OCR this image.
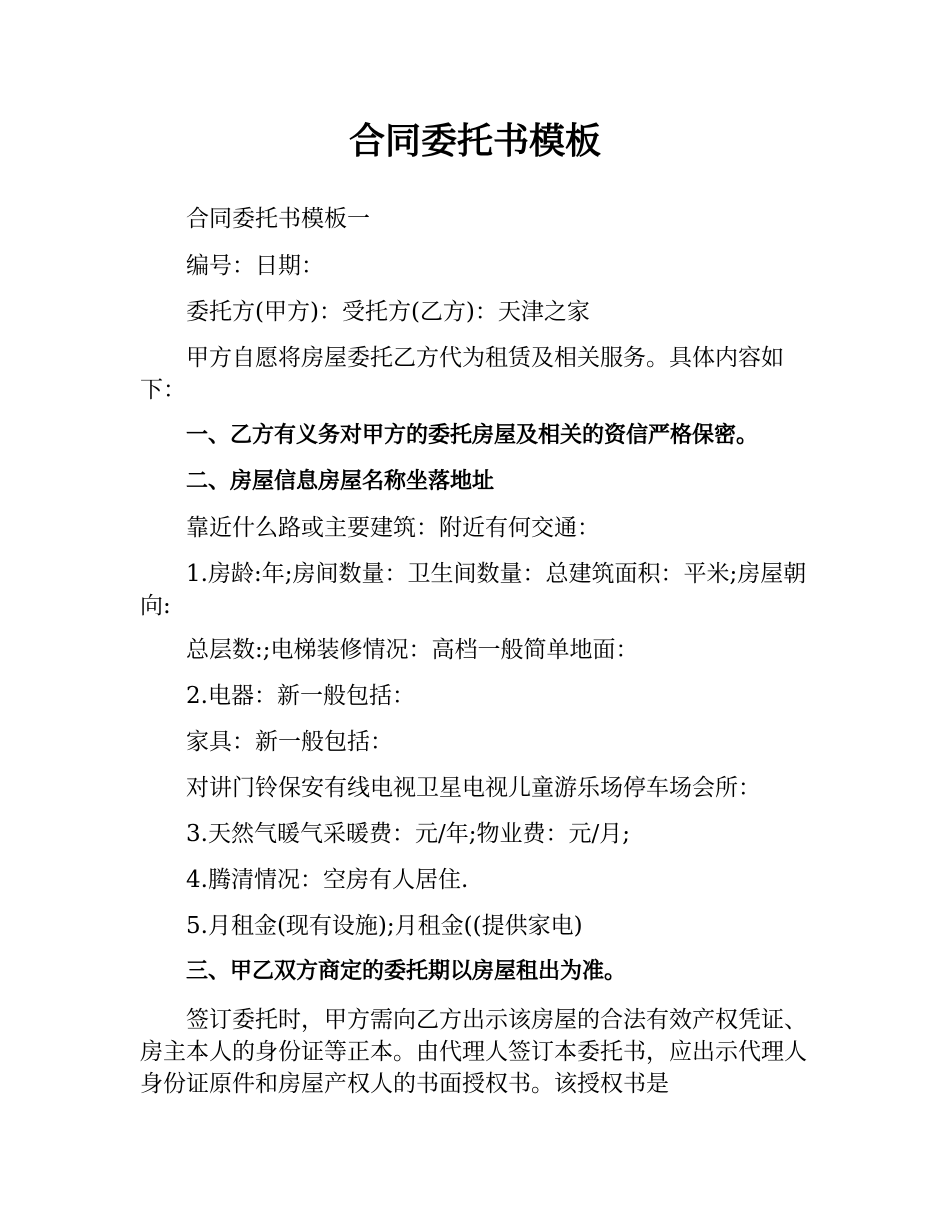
合同委托书模板
合同委托书模板一
编号：日期：
委托方(甲方)：受托方(乙方)：天津之家
甲方自愿将房屋委托乙方代为租赁及相关服务。具体内容如下：
一、乙方有义务对甲方的委托房屋及相关的资信严格保密。
二、房屋信息房屋名称坐落地址
靠近什么路或主要建筑：附近有何交通：
1.房龄:年;房间数量：卫生间数量：总建筑面积：平米;房屋朝向:
总层数:;电梯装修情况：高档一般简单地面：
2.电器：新一般包括：
家具：新一般包括：
对讲门铃保安有线电视卫星电视儿童游乐场停车场会所：
3.天然气暖气采暖费：元/年;物业费：元/月;
4.腾清情况：空房有人居住.
5.月租金(现有设施);月租金((提供家电)
三、甲乙双方商定的委托期以房屋租出为准。
签订委托时，甲方需向乙方出示该房屋的合法有效产权凭证、房主本人的身份证等正本。由代理人签订本委托书，应出示代理人身份证原件和房屋产权人的书面授权书。该授权书是
